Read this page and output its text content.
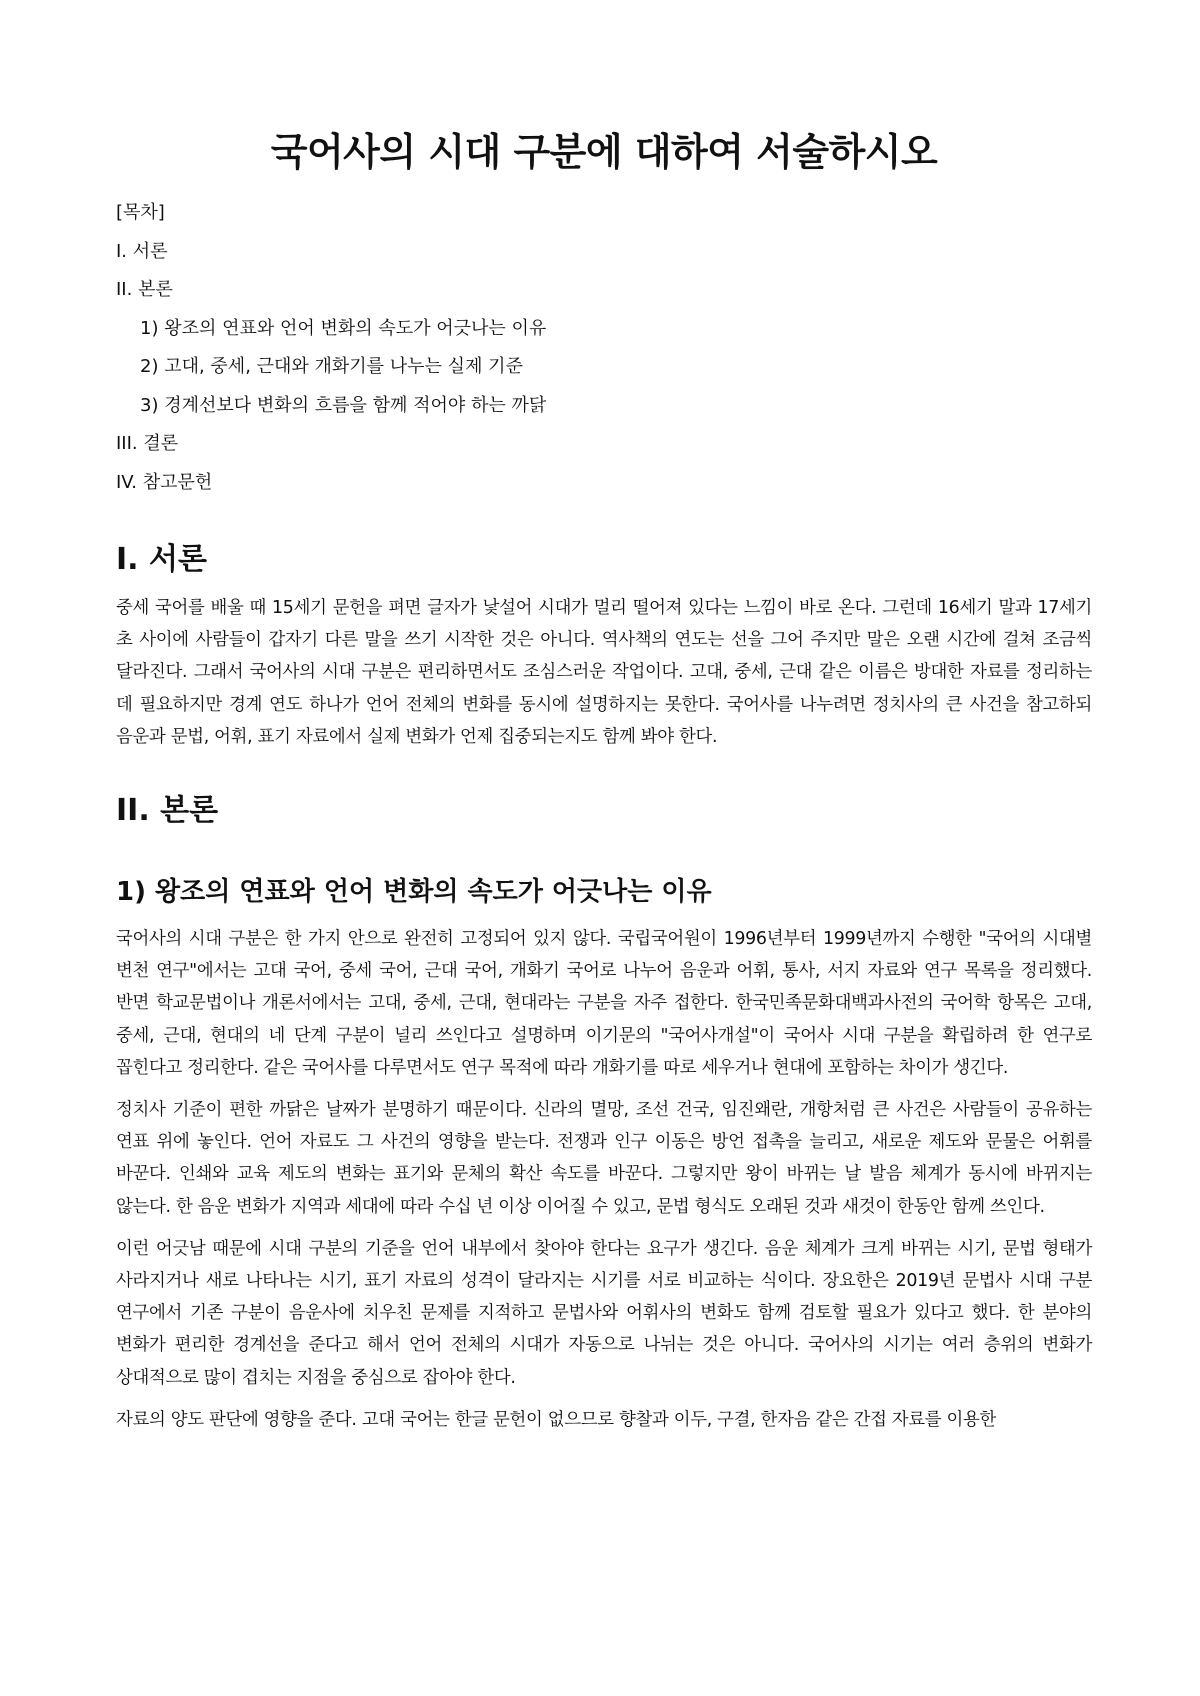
국어사의 시대 구분에 대하여 서술하시오
[목차]
I. 서론
II. 본론
1) 왕조의 연표와 언어 변화의 속도가 어긋나는 이유
2) 고대, 중세, 근대와 개화기를 나누는 실제 기준
3) 경계선보다 변화의 흐름을 함께 적어야 하는 까닭
III. 결론
IV. 참고문헌
I. 서론

중세 국어를 배울 때 15세기 문헌을 펴면 글자가 낯설어 시대가 멀리 떨어져 있다는 느낌이 바로 온다. 그런데 16세기 말과 17세기 초 사이에 사람들이 갑자기 다른 말을 쓰기 시작한 것은 아니다. 역사책의 연도는 선을 그어 주지만 말은 오랜 시간에 걸쳐 조금씩 달라진다. 그래서 국어사의 시대 구분은 편리하면서도 조심스러운 작업이다. 고대, 중세, 근대 같은 이름은 방대한 자료를 정리하는 데 필요하지만 경계 연도 하나가 언어 전체의 변화를 동시에 설명하지는 못한다. 국어사를 나누려면 정치사의 큰 사건을 참고하되 음운과 문법, 어휘, 표기 자료에서 실제 변화가 언제 집중되는지도 함께 봐야 한다.

II. 본론
1) 왕조의 연표와 언어 변화의 속도가 어긋나는 이유

국어사의 시대 구분은 한 가지 안으로 완전히 고정되어 있지 않다. 국립국어원이 1996년부터 1999년까지 수행한 "국어의 시대별 변천 연구"에서는 고대 국어, 중세 국어, 근대 국어, 개화기 국어로 나누어 음운과 어휘, 통사, 서지 자료와 연구 목록을 정리했다. 반면 학교문법이나 개론서에서는 고대, 중세, 근대, 현대라는 구분을 자주 접한다. 한국민족문화대백과사전의 국어학 항목은 고대, 중세, 근대, 현대의 네 단계 구분이 널리 쓰인다고 설명하며 이기문의 "국어사개설"이 국어사 시대 구분을 확립하려 한 연구로 꼽힌다고 정리한다. 같은 국어사를 다루면서도 연구 목적에 따라 개화기를 따로 세우거나 현대에 포함하는 차이가 생긴다.

정치사 기준이 편한 까닭은 날짜가 분명하기 때문이다. 신라의 멸망, 조선 건국, 임진왜란, 개항처럼 큰 사건은 사람들이 공유하는 연표 위에 놓인다. 언어 자료도 그 사건의 영향을 받는다. 전쟁과 인구 이동은 방언 접촉을 늘리고, 새로운 제도와 문물은 어휘를 바꾼다. 인쇄와 교육 제도의 변화는 표기와 문체의 확산 속도를 바꾼다. 그렇지만 왕이 바뀌는 날 발음 체계가 동시에 바뀌지는 않는다. 한 음운 변화가 지역과 세대에 따라 수십 년 이상 이어질 수 있고, 문법 형식도 오래된 것과 새것이 한동안 함께 쓰인다.

이런 어긋남 때문에 시대 구분의 기준을 언어 내부에서 찾아야 한다는 요구가 생긴다. 음운 체계가 크게 바뀌는 시기, 문법 형태가 사라지거나 새로 나타나는 시기, 표기 자료의 성격이 달라지는 시기를 서로 비교하는 식이다. 장요한은 2019년 문법사 시대 구분 연구에서 기존 구분이 음운사에 치우친 문제를 지적하고 문법사와 어휘사의 변화도 함께 검토할 필요가 있다고 했다. 한 분야의 변화가 편리한 경계선을 준다고 해서 언어 전체의 시대가 자동으로 나뉘는 것은 아니다. 국어사의 시기는 여러 층위의 변화가 상대적으로 많이 겹치는 지점을 중심으로 잡아야 한다.

자료의 양도 판단에 영향을 준다. 고대 국어는 한글 문헌이 없으므로 향찰과 이두, 구결, 한자음 같은 간접 자료를 이용한
